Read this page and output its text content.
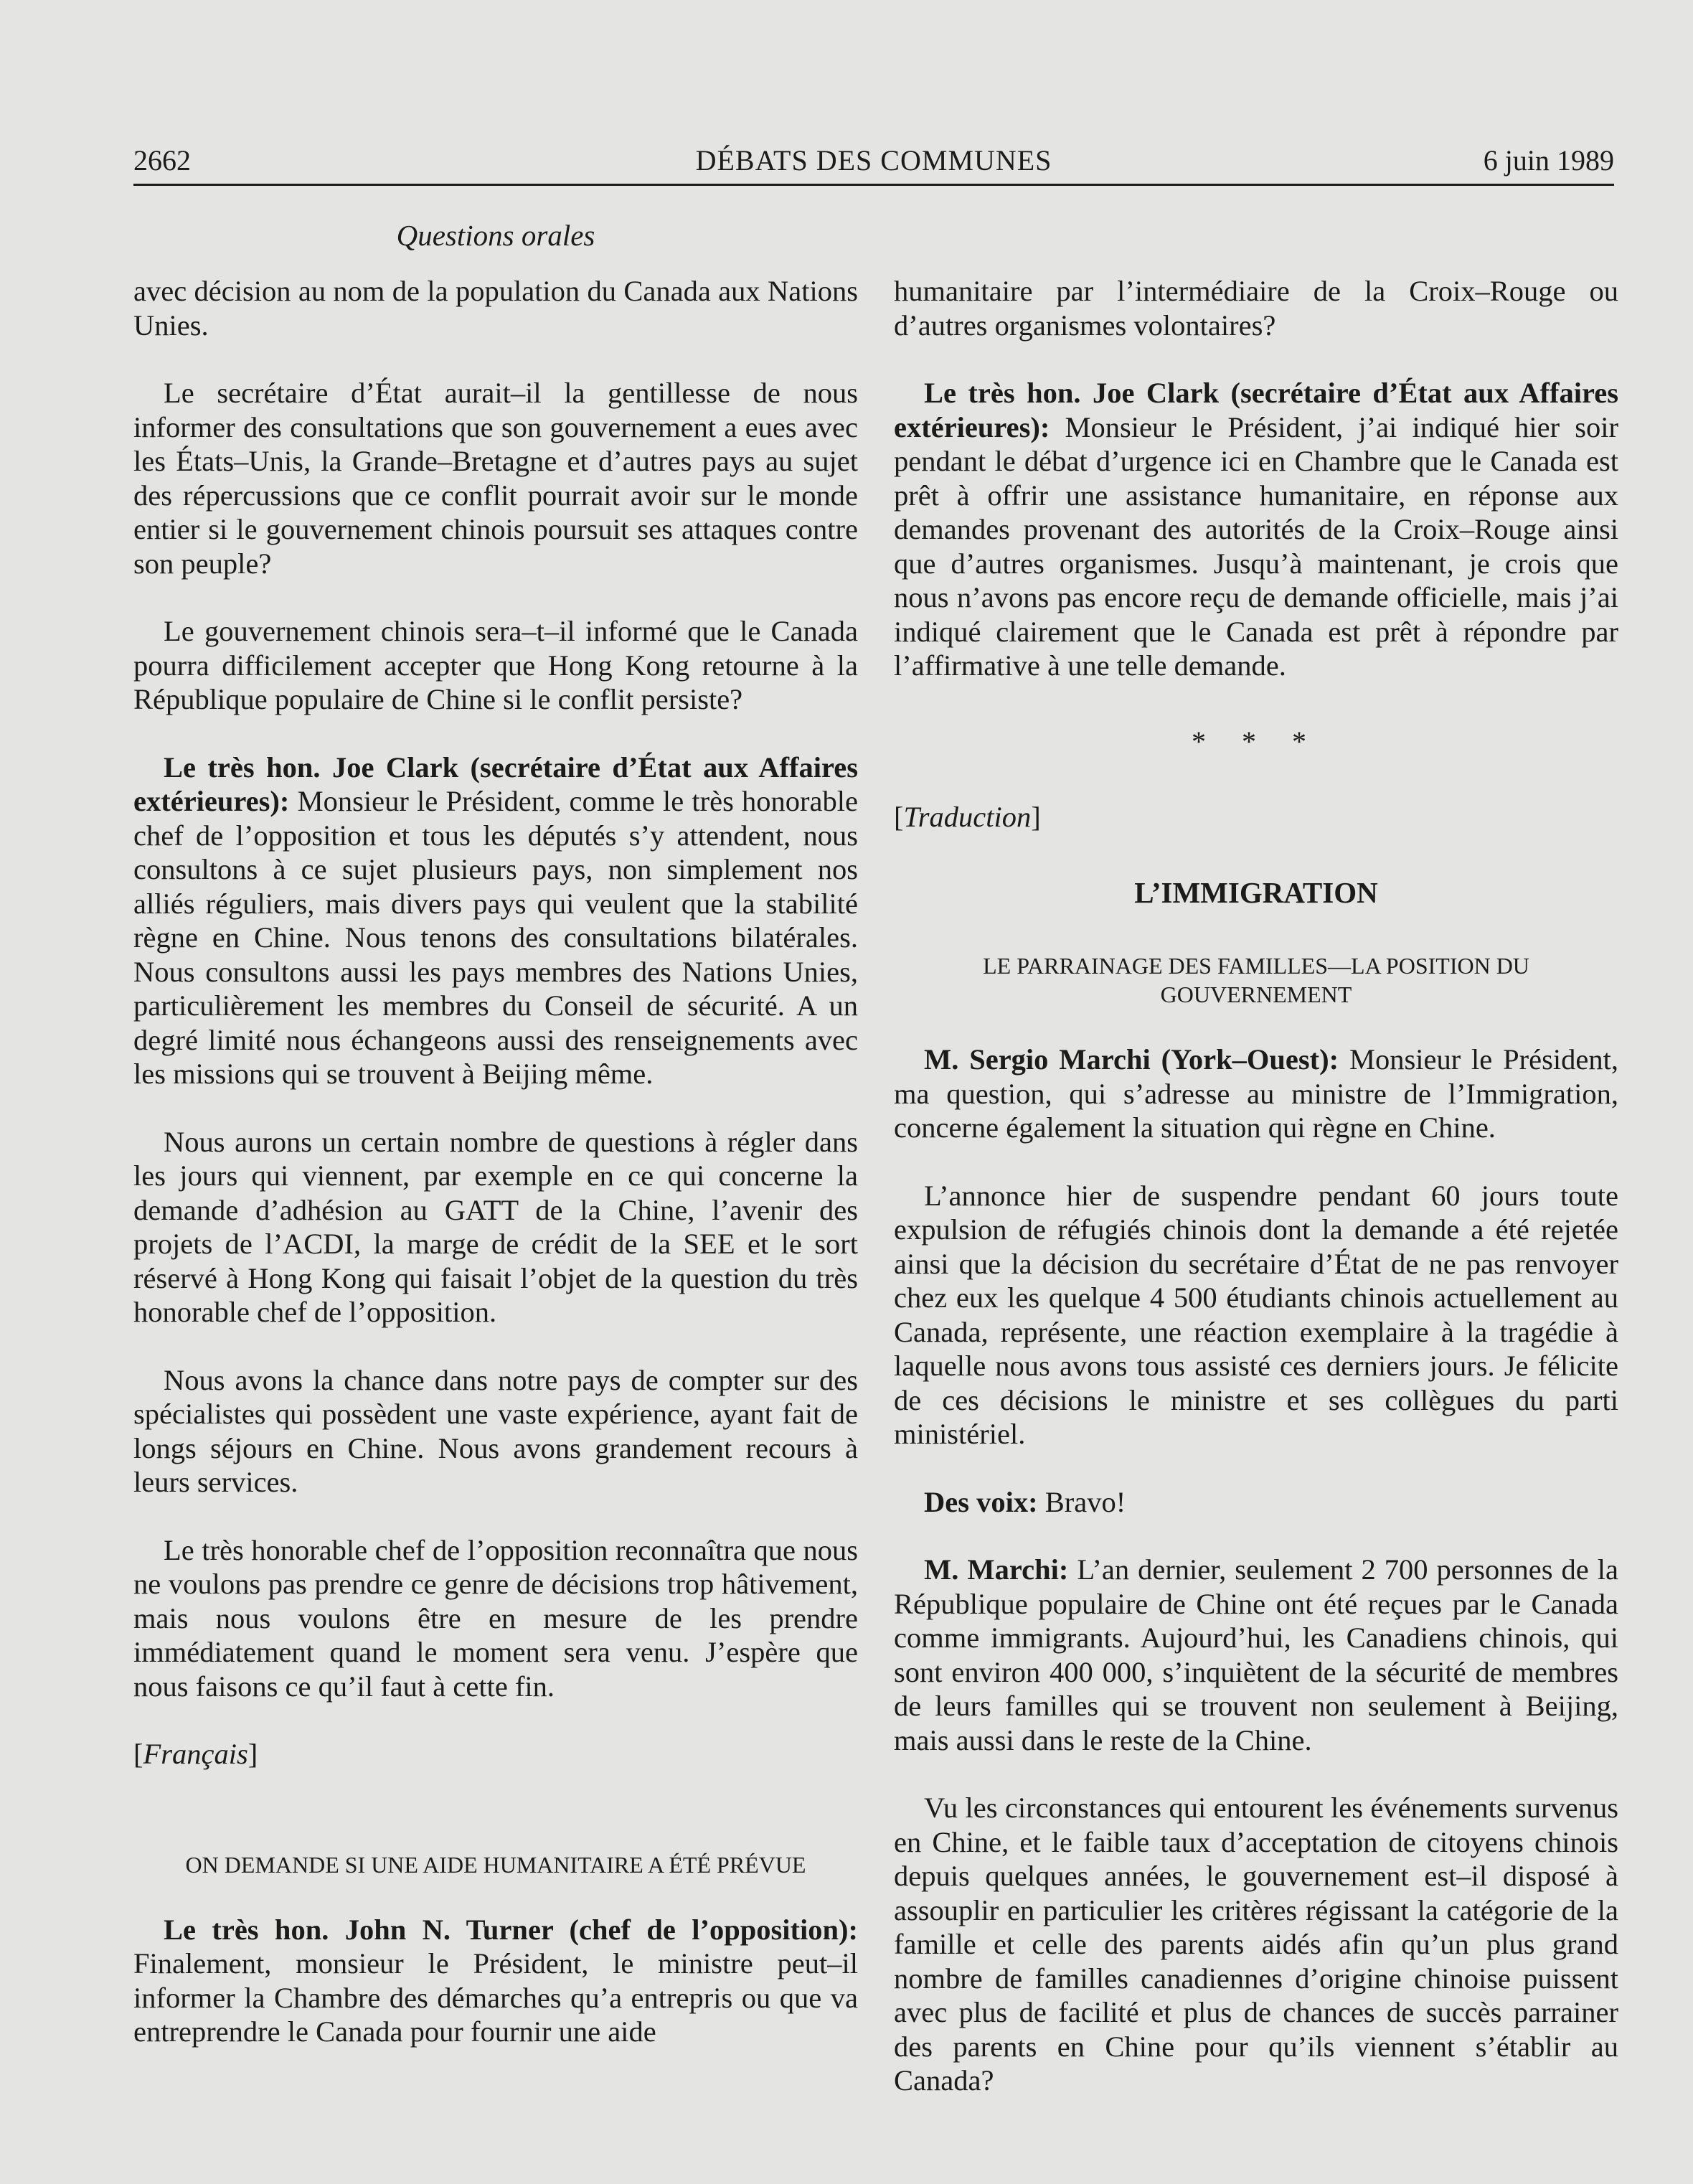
2662	DÉBATS DES COMMUNES	6 juin 1989
Questions orales

avec décision au nom de la population du Canada aux Nations Unies.

Le secrétaire d’État aurait–il la gentillesse de nous informer des consultations que son gouvernement a eues avec les États–Unis, la Grande–Bretagne et d’autres pays au sujet des répercussions que ce conflit pourrait avoir sur le monde entier si le gouvernement chinois poursuit ses attaques contre son peuple?

Le gouvernement chinois sera–t–il informé que le Canada pourra difficilement accepter que Hong Kong retourne à la République populaire de Chine si le conflit persiste?

Le très hon. Joe Clark (secrétaire d’État aux Affaires extérieures): Monsieur le Président, comme le très honorable chef de l’opposition et tous les députés s’y attendent, nous consultons à ce sujet plusieurs pays, non simplement nos alliés réguliers, mais divers pays qui veulent que la stabilité règne en Chine. Nous tenons des consultations bilatérales. Nous consultons aussi les pays membres des Nations Unies, particulièrement les membres du Conseil de sécurité. A un degré limité nous échangeons aussi des renseignements avec les missions qui se trouvent à Beijing même.

Nous aurons un certain nombre de questions à régler dans les jours qui viennent, par exemple en ce qui concerne la demande d’adhésion au GATT de la Chine, l’avenir des projets de l’ACDI, la marge de crédit de la SEE et le sort réservé à Hong Kong qui faisait l’objet de la question du très honorable chef de l’opposition.

Nous avons la chance dans notre pays de compter sur des spécialistes qui possèdent une vaste expérience, ayant fait de longs séjours en Chine. Nous avons grandement recours à leurs services.

Le très honorable chef de l’opposition reconnaîtra que nous ne voulons pas prendre ce genre de décisions trop hâtivement, mais nous voulons être en mesure de les prendre immédiatement quand le moment sera venu. J’espère que nous faisons ce qu’il faut à cette fin.

[Français]

ON DEMANDE SI UNE AIDE HUMANITAIRE A ÉTÉ PRÉVUE

Le très hon. John N. Turner (chef de l’opposition): Finalement, monsieur le Président, le ministre peut–il informer la Chambre des démarches qu’a entrepris ou que va entreprendre le Canada pour fournir une aide

humanitaire par l’intermédiaire de la Croix–Rouge ou d’autres organismes volontaires?

Le très hon. Joe Clark (secrétaire d’État aux Affaires extérieures): Monsieur le Président, j’ai indiqué hier soir pendant le débat d’urgence ici en Chambre que le Canada est prêt à offrir une assistance humanitaire, en réponse aux demandes provenant des autorités de la Croix–Rouge ainsi que d’autres organismes. Jusqu’à maintenant, je crois que nous n’avons pas encore reçu de demande officielle, mais j’ai indiqué clairement que le Canada est prêt à répondre par l’affirmative à une telle demande.

* * *

[Traduction]

L’IMMIGRATION
LE PARRAINAGE DES FAMILLES—LA POSITION DU GOUVERNEMENT

M. Sergio Marchi (York–Ouest): Monsieur le Président, ma question, qui s’adresse au ministre de l’Immigration, concerne également la situation qui règne en Chine.

L’annonce hier de suspendre pendant 60 jours toute expulsion de réfugiés chinois dont la demande a été rejetée ainsi que la décision du secrétaire d’État de ne pas renvoyer chez eux les quelque 4 500 étudiants chinois actuellement au Canada, représente, une réaction exemplaire à la tragédie à laquelle nous avons tous assisté ces derniers jours. Je félicite de ces décisions le ministre et ses collègues du parti ministériel.

Des voix: Bravo!

M. Marchi: L’an dernier, seulement 2 700 personnes de la République populaire de Chine ont été reçues par le Canada comme immigrants. Aujourd’hui, les Canadiens chinois, qui sont environ 400 000, s’inquiètent de la sécurité de membres de leurs familles qui se trouvent non seulement à Beijing, mais aussi dans le reste de la Chine.

Vu les circonstances qui entourent les événements survenus en Chine, et le faible taux d’acceptation de citoyens chinois depuis quelques années, le gouvernement est–il disposé à assouplir en particulier les critères régissant la catégorie de la famille et celle des parents aidés afin qu’un plus grand nombre de familles canadiennes d’origine chinoise puissent avec plus de facilité et plus de chances de succès parrainer des parents en Chine pour qu’ils viennent s’établir au Canada?
